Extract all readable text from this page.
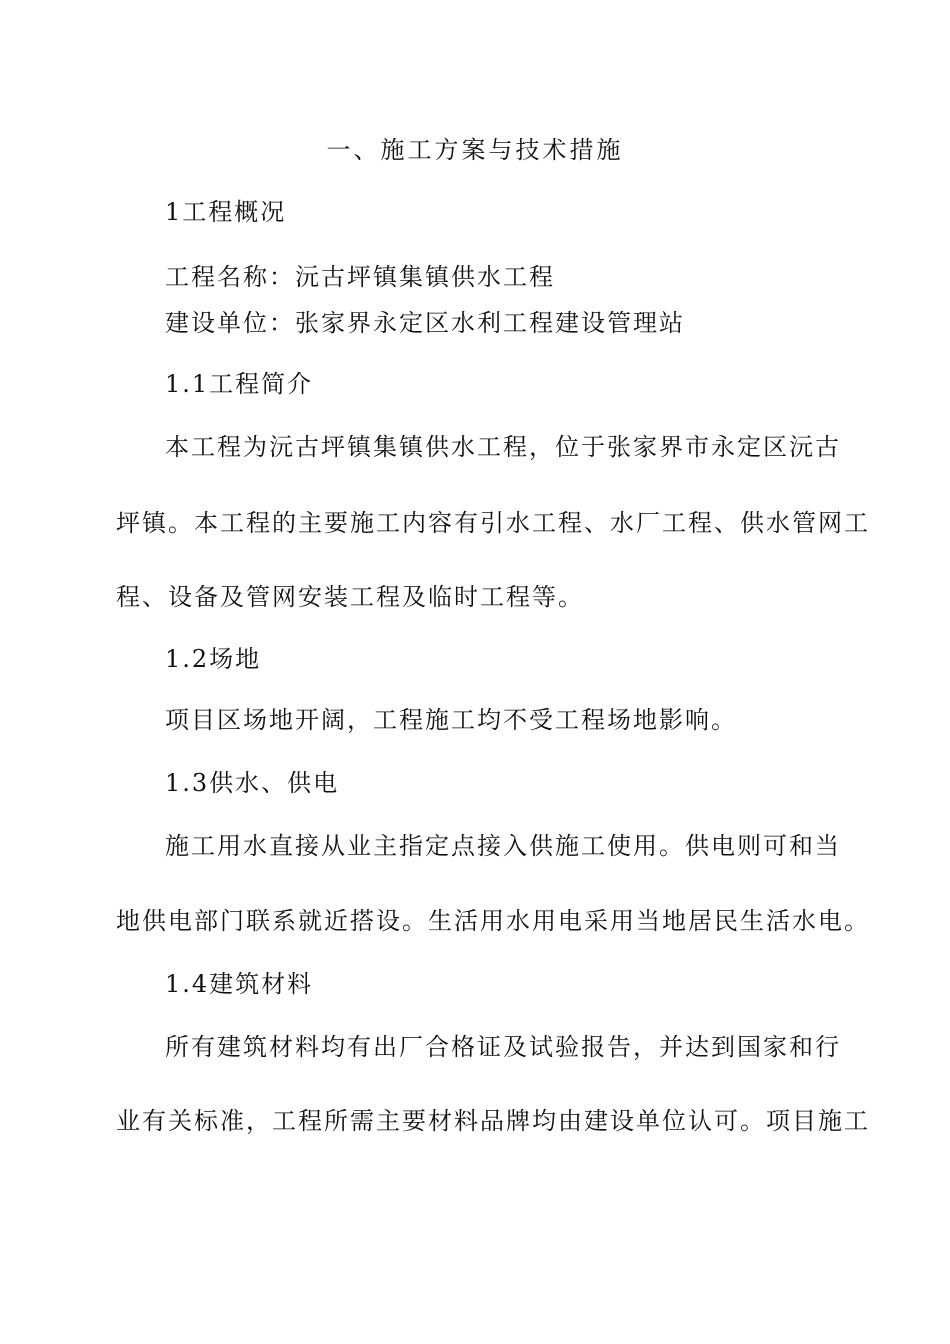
一、施工方案与技术措施
1工程概况
工程名称：沅古坪镇集镇供水工程
建设单位：张家界永定区水利工程建设管理站
1.1工程简介
本工程为沅古坪镇集镇供水工程，位于张家界市永定区沅古
坪镇。本工程的主要施工内容有引水工程、水厂工程、供水管网工
程、设备及管网安装工程及临时工程等。
1.2场地
项目区场地开阔，工程施工均不受工程场地影响。
1.3供水、供电
施工用水直接从业主指定点接入供施工使用。供电则可和当
地供电部门联系就近搭设。生活用水用电采用当地居民生活水电。
1.4建筑材料
所有建筑材料均有出厂合格证及试验报告，并达到国家和行
业有关标准，工程所需主要材料品牌均由建设单位认可。项目施工
